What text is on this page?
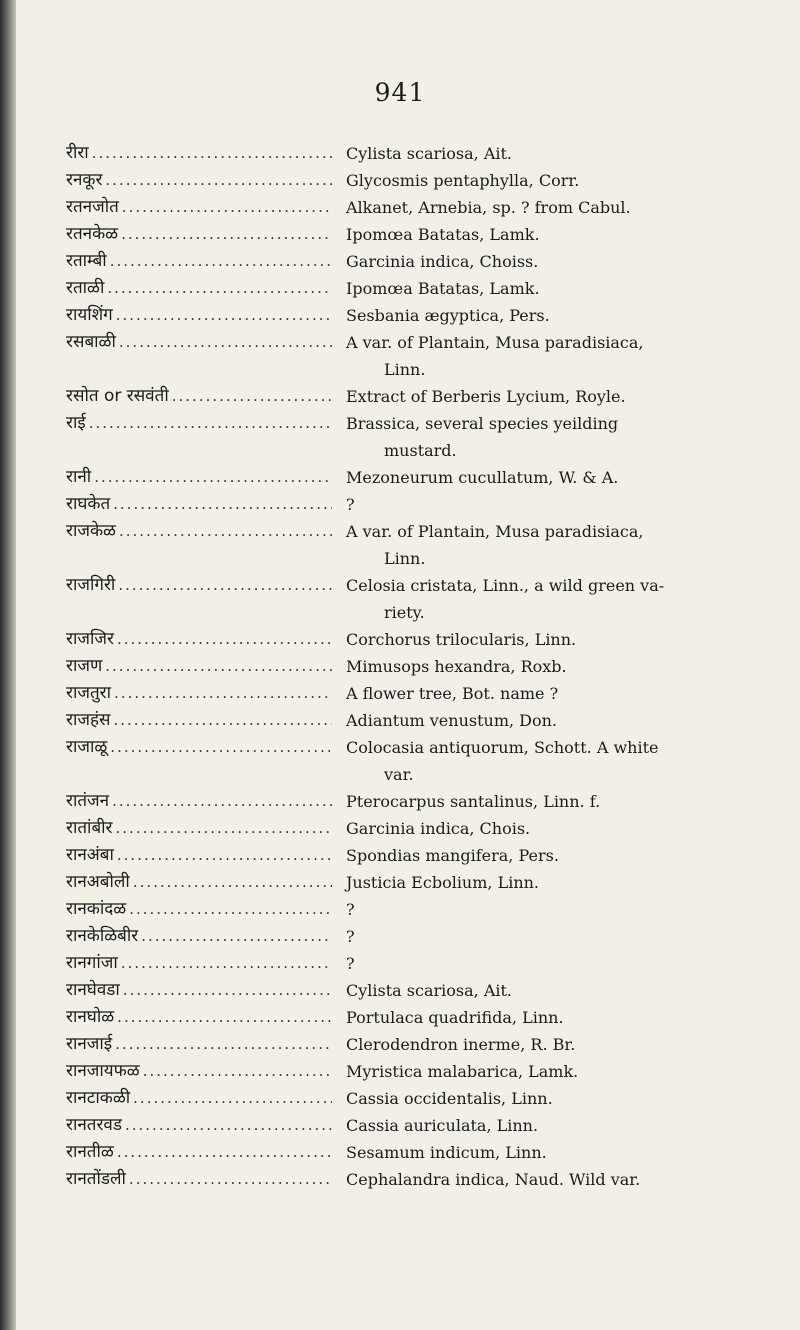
941
रीरा .....	Cylista scariosa, Ait.
रनकूर .....	Glycosmis pentaphylla, Corr.
रतनजोत .....	Alkanet, Arnebia, sp. ? from Cabul.
रतनकेळ .....	Ipomœa Batatas, Lamk.
रताम्बी .....	Garcinia indica, Choiss.
रताळी .....	Ipomœa Batatas, Lamk.
रायशिंग .....	Sesbania ægyptica, Pers.
रसबाळी .....	A var. of Plantain, Musa paradisiaca,
Linn.
रसोत or रसवंती .....	Extract of Berberis Lycium, Royle.
राई .....	Brassica, several species yeilding
mustard.
रानी .....	Mezoneurum cucullatum, W. & A.
राघकेत .....	?
राजकेळ .....	A var. of Plantain, Musa paradisiaca,
Linn.
राजगिरी .....	Celosia cristata, Linn., a wild green va-
riety.
राजजिर .....	Corchorus trilocularis, Linn.
राजण .....	Mimusops hexandra, Roxb.
राजतुरा .....	A flower tree, Bot. name ?
राजहंस .....	Adiantum venustum, Don.
राजाळू .....	Colocasia antiquorum, Schott. A white
var.
रातंजन .....	Pterocarpus santalinus, Linn. f.
रातांबीर .....	Garcinia indica, Chois.
रानअंबा .....	Spondias mangifera, Pers.
रानअबोली .....	Justicia Ecbolium, Linn.
रानकांदळ .....	?
रानकेळिबीर .....	?
रानगांजा .....	?
रानघेवडा .....	Cylista scariosa, Ait.
रानघोळ .....	Portulaca quadrifida, Linn.
रानजाई .....	Clerodendron inerme, R. Br.
रानजायफळ .....	Myristica malabarica, Lamk.
रानटाकळी .....	Cassia occidentalis, Linn.
रानतरवड .....	Cassia auriculata, Linn.
रानतीळ .....	Sesamum indicum, Linn.
रानतोंडली .....	Cephalandra indica, Naud. Wild var.
